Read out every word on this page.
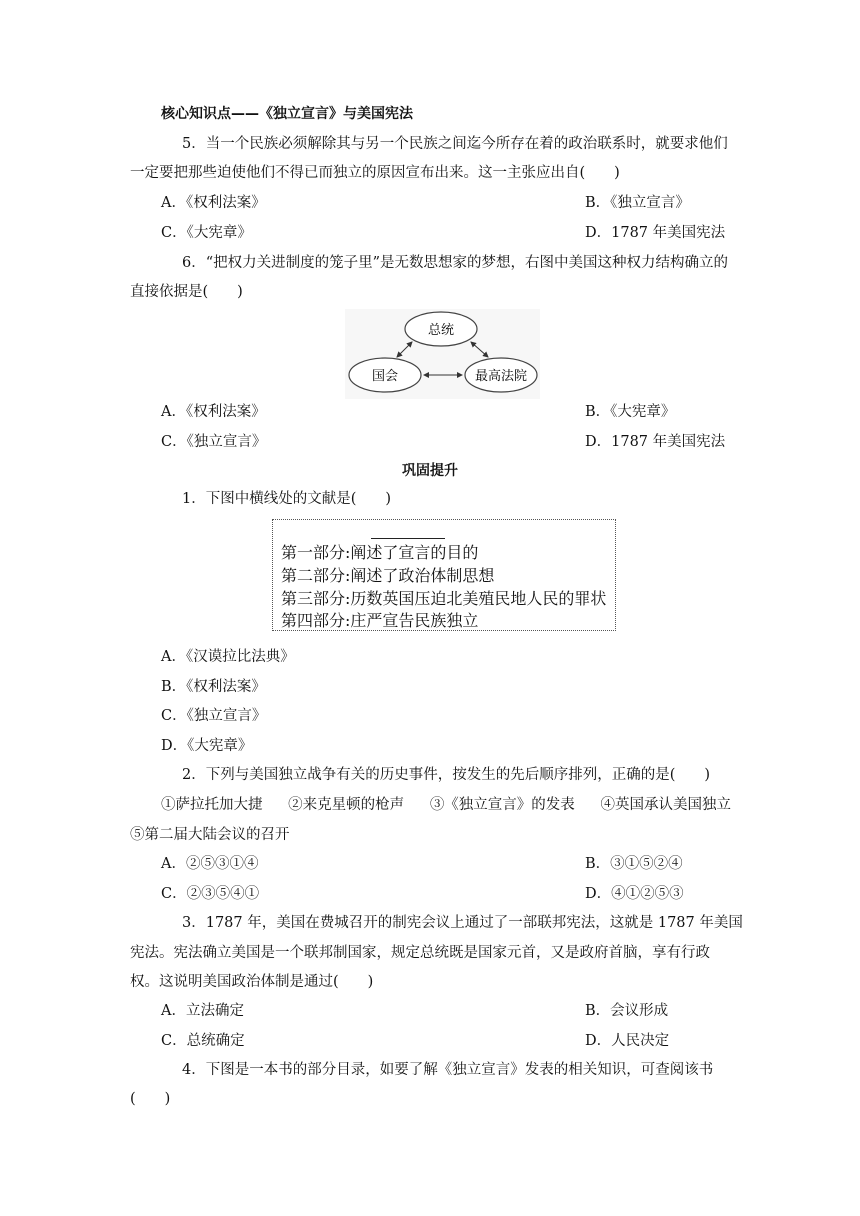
核心知识点——《独立宣言》与美国宪法
5．当一个民族必须解除其与另一个民族之间迄今所存在着的政治联系时，就要求他们
一定要把那些迫使他们不得已而独立的原因宣布出来。这一主张应出自(　　)
A．《权利法案》	B．《独立宣言》
C．《大宪章》	D．1787 年美国宪法
6．“把权力关进制度的笼子里”是无数思想家的梦想，右图中美国这种权力结构确立的
直接依据是(　　)
总统
国会	最高法院
A．《权利法案》	B．《大宪章》
C．《独立宣言》	D．1787 年美国宪法
巩固提升
1．下图中横线处的文献是(　　)
第一部分:阐述了宣言的目的
第二部分:阐述了政治体制思想
第三部分:历数英国压迫北美殖民地人民的罪状
第四部分:庄严宣告民族独立
A．《汉谟拉比法典》
B．《权利法案》
C．《独立宣言》
D．《大宪章》
2．下列与美国独立战争有关的历史事件，按发生的先后顺序排列，正确的是(　　)
①萨拉托加大捷 ②来克星顿的枪声 ③《独立宣言》的发表 ④英国承认美国独立
⑤第二届大陆会议的召开
A．②⑤③①④	B．③①⑤②④
C．②③⑤④①	D．④①②⑤③
3．1787 年，美国在费城召开的制宪会议上通过了一部联邦宪法，这就是 1787 年美国
宪法。宪法确立美国是一个联邦制国家，规定总统既是国家元首，又是政府首脑，享有行政
权。这说明美国政治体制是通过(　　)
A．立法确定	B．会议形成
C．总统确定	D．人民决定
4．下图是一本书的部分目录，如要了解《独立宣言》发表的相关知识，可查阅该书
(　　)
